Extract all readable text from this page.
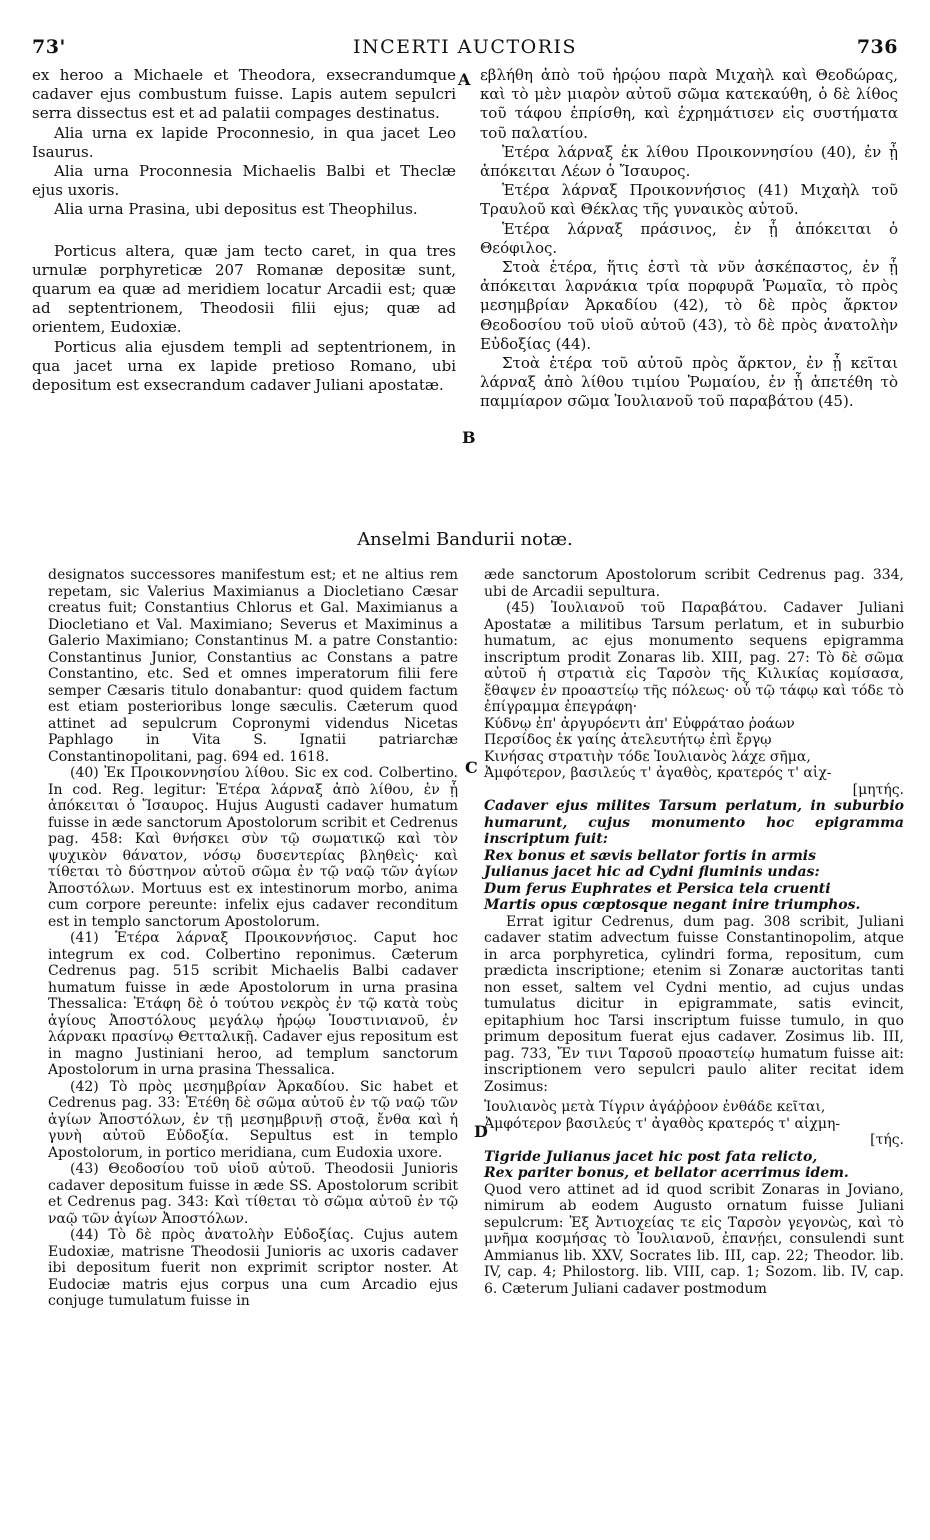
73'	INCERTI AUCTORIS	736

ex heroo a Michaele et Theodora, exsecrandumque cadaver ejus combustum fuisse. Lapis autem sepulcri serra dissectus est et ad palatii compages destinatus.

Alia urna ex lapide Proconnesio, in qua jacet Leo Isaurus.

Alia urna Proconnesia Michaelis Balbi et Theclæ ejus uxoris.

Alia urna Prasina, ubi depositus est Theophilus.

Porticus altera, quæ jam tecto caret, in qua tres urnulæ porphyreticæ 207 Romanæ depositæ sunt, quarum ea quæ ad meridiem locatur Arcadii est; quæ ad septentrionem, Theodosii filii ejus; quæ ad orientem, Eudoxiæ.

Porticus alia ejusdem templi ad septentrionem, in qua jacet urna ex lapide pretioso Romano, ubi depositum est exsecrandum cadaver Juliani apostatæ.

εβλήθη ἀπὸ τοῦ ἡρῴου παρὰ Μιχαὴλ καὶ Θεοδώρας, καὶ τὸ μὲν μιαρὸν αὐτοῦ σῶμα κατεκαύθη, ὁ δὲ λίθος τοῦ τάφου ἐπρίσθη, καὶ ἐχρημάτισεν εἰς συστήματα τοῦ παλατίου.

Ἑτέρα λάρναξ ἐκ λίθου Προικοννησίου (40), ἐν ᾗ ἀπόκειται Λέων ὁ Ἴσαυρος.

Ἑτέρα λάρναξ Προικοννήσιος (41) Μιχαὴλ τοῦ Τραυλοῦ καὶ Θέκλας τῆς γυναικὸς αὐτοῦ.

Ἑτέρα λάρναξ πράσινος, ἐν ᾗ ἀπόκειται ὁ Θεόφιλος.

Στοὰ ἑτέρα, ἥτις ἐστὶ τὰ νῦν ἀσκέπαστος, ἐν ᾗ ἀπόκειται λαρνάκια τρία πορφυρᾶ Ῥωμαῖα, τὸ πρὸς μεσημβρίαν Ἀρκαδίου (42), τὸ δὲ πρὸς ἄρκτον Θεοδοσίου τοῦ υἱοῦ αὐτοῦ (43), τὸ δὲ πρὸς ἀνατολὴν Εὐδοξίας (44).

Στοὰ ἑτέρα τοῦ αὐτοῦ πρὸς ἄρκτον, ἐν ᾗ κεῖται λάρναξ ἀπὸ λίθου τιμίου Ῥωμαίου, ἐν ᾗ ἀπετέθη τὸ παμμίαρον σῶμα Ἰουλιανοῦ τοῦ παραβάτου (45).

A
B
C
D
Anselmi Bandurii notæ.

designatos successores manifestum est; et ne altius rem repetam, sic Valerius Maximianus a Diocletiano Cæsar creatus fuit; Constantius Chlorus et Gal. Maximianus a Diocletiano et Val. Maximiano; Severus et Maximinus a Galerio Maximiano; Constantinus M. a patre Constantio: Constantinus Junior, Constantius ac Constans a patre Constantino, etc. Sed et omnes imperatorum filii fere semper Cæsaris titulo donabantur: quod quidem factum est etiam posterioribus longe sæculis. Cæterum quod attinet ad sepulcrum Copronymi videndus Nicetas Paphlago in Vita S. Ignatii patriarchæ Constantinopolitani, pag. 694 ed. 1618.

(40) Ἐκ Προικοννησίου λίθου. Sic ex cod. Colbertino. In cod. Reg. legitur: Ἑτέρα λάρναξ ἀπὸ λίθου, ἐν ᾗ ἀπόκειται ὁ Ἴσαυρος. Hujus Augusti cadaver humatum fuisse in æde sanctorum Apostolorum scribit et Cedrenus pag. 458: Καὶ θνήσκει σὺν τῷ σωματικῷ καὶ τὸν ψυχικὸν θάνατον, νόσῳ δυσεντερίας βληθεὶς· καὶ τίθεται τὸ δύστηνον αὐτοῦ σῶμα ἐν τῷ ναῷ τῶν ἁγίων Ἀποστόλων. Mortuus est ex intestinorum morbo, anima cum corpore pereunte: infelix ejus cadaver reconditum est in templo sanctorum Apostolorum.

(41) Ἑτέρα λάρναξ Προικοννήσιος. Caput hoc integrum ex cod. Colbertino reponimus. Cæterum Cedrenus pag. 515 scribit Michaelis Balbi cadaver humatum fuisse in æde Apostolorum in urna prasina Thessalica: Ἐτάφη δὲ ὁ τούτου νεκρὸς ἐν τῷ κατὰ τοὺς ἁγίους Ἀποστόλους μεγάλῳ ἡρῴῳ Ἰουστινιανοῦ, ἐν λάρνακι πρασίνῳ Θετταλικῇ. Cadaver ejus repositum est in magno Justiniani heroo, ad templum sanctorum Apostolorum in urna prasina Thessalica.

(42) Τὸ πρὸς μεσημβρίαν Ἀρκαδίου. Sic habet et Cedrenus pag. 33: Ἐτέθη δὲ σῶμα αὐτοῦ ἐν τῷ ναῷ τῶν ἁγίων Ἀποστόλων, ἐν τῇ μεσημβρινῇ στοᾷ, ἔνθα καὶ ἡ γυνὴ αὐτοῦ Εὐδοξία. Sepultus est in templo Apostolorum, in portico meridiana, cum Eudoxia uxore.

(43) Θεοδοσίου τοῦ υἱοῦ αὐτοῦ. Theodosii Junioris cadaver depositum fuisse in æde SS. Apostolorum scribit et Cedrenus pag. 343: Καὶ τίθεται τὸ σῶμα αὐτοῦ ἐν τῷ ναῷ τῶν ἁγίων Ἀποστόλων.

(44) Τὸ δὲ πρὸς ἀνατολὴν Εὐδοξίας. Cujus autem Eudoxiæ, matrisne Theodosii Junioris ac uxoris cadaver ibi depositum fuerit non exprimit scriptor noster. At Eudociæ matris ejus corpus una cum Arcadio ejus conjuge tumulatum fuisse in

æde sanctorum Apostolorum scribit Cedrenus pag. 334, ubi de Arcadii sepultura.

(45) Ἰουλιανοῦ τοῦ Παραβάτου. Cadaver Juliani Apostatæ a militibus Tarsum perlatum, et in suburbio humatum, ac ejus monumento sequens epigramma inscriptum prodit Zonaras lib. XIII, pag. 27: Τὸ δὲ σῶμα αὐτοῦ ἡ στρατιὰ εἰς Ταρσὸν τῆς Κιλικίας κομίσασα, ἔθαψεν ἐν προαστείῳ τῆς πόλεως· οὗ τῷ τάφῳ καὶ τόδε τὸ ἐπίγραμμα ἐπεγράφη·

Κύδνῳ ἐπ' ἀργυρόεντι ἀπ' Εὐφράταο ῥοάων
Περσίδος ἐκ γαίης ἀτελευτήτῳ ἐπὶ ἔργῳ
Κινήσας στρατιὴν τόδε Ἰουλιανὸς λάχε σῆμα,
Ἀμφότερον, βασιλεύς τ' ἀγαθὸς, κρατερός τ' αἰχ-
[μητής.

Cadaver ejus milites Tarsum perlatum, in suburbio humarunt, cujus monumento hoc epigramma inscriptum fuit:

Rex bonus et sævis bellator fortis in armis
Julianus jacet hic ad Cydni fluminis undas:
Dum ferus Euphrates et Persica tela cruenti
Martis opus cœptosque negant inire triumphos.

Errat igitur Cedrenus, dum pag. 308 scribit, Juliani cadaver statim advectum fuisse Constantinopolim, atque in arca porphyretica, cylindri forma, repositum, cum prædicta inscriptione; etenim si Zonaræ auctoritas tanti non esset, saltem vel Cydni mentio, ad cujus undas tumulatus dicitur in epigrammate, satis evincit, epitaphium hoc Tarsi inscriptum fuisse tumulo, in quo primum depositum fuerat ejus cadaver. Zosimus lib. III, pag. 733, Ἔν τινι Ταρσοῦ προαστείῳ humatum fuisse ait: inscriptionem vero sepulcri paulo aliter recitat idem Zosimus:

Ἰουλιανὸς μετὰ Τίγριν ἀγάῤῥοον ἐνθάδε κεῖται,
Ἀμφότερον βασιλεύς τ' ἀγαθὸς κρατερός τ' αἰχμη-
[τής.
Tigride Julianus jacet hic post fata relicto,
Rex pariter bonus, et bellator acerrimus idem.

Quod vero attinet ad id quod scribit Zonaras in Joviano, nimirum ab eodem Augusto ornatum fuisse Juliani sepulcrum: Ἐξ Ἀντιοχείας τε εἰς Ταρσὸν γεγονὼς, καὶ τὸ μνῆμα κοσμήσας τὸ Ἰουλιανοῦ, ἐπανῄει, consulendi sunt Ammianus lib. XXV, Socrates lib. III, cap. 22; Theodor. lib. IV, cap. 4; Philostorg. lib. VIII, cap. 1; Sozom. lib. IV, cap. 6. Cæterum Juliani cadaver postmodum
